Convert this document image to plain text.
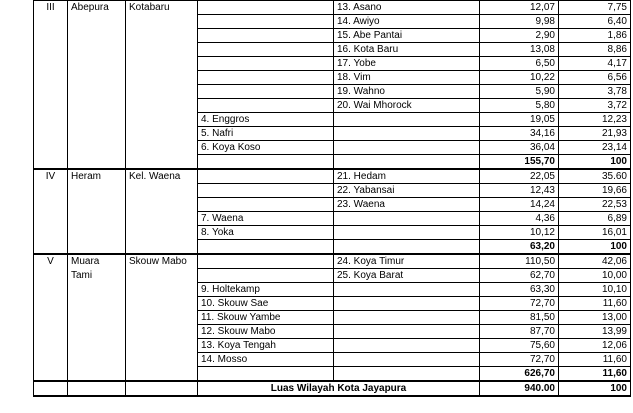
III	Abepura	Kotabaru		13. Asano	12,07	7,75
				14. Awiyo	9,98	6,40
				15. Abe Pantai	2,90	1,86
				16. Kota Baru	13,08	8,86
				17. Yobe	6,50	4,17
				18. Vim	10,22	6,56
				19. Wahno	5,90	3,78
				20. Wai Mhorock	5,80	3,72
			4. Enggros		19,05	12,23
			5. Nafri		34,16	21,93
			6. Koya Koso		36,04	23,14
					155,70	100
IV	Heram	Kel. Waena		21. Hedam	22,05	35.60
				22. Yabansai	12,43	19,66
				23. Waena	14,24	22,53
			7. Waena		4,36	6,89
			8. Yoka		10,12	16,01
					63,20	100
V	Muara	Skouw Mabo		24. Koya Timur	110,50	42,06
	Tami			25. Koya Barat	62,70	10,00
			9. Holtekamp		63,30	10,10
			10. Skouw Sae		72,70	11,60
			11. Skouw Yambe		81,50	13,00
			12. Skouw Mabo		87,70	13,99
			13. Koya Tengah		75,60	12,06
			14. Mosso		72,70	11,60
					626,70	11,60
			Luas Wilayah Kota Jayapura		940.00	100
